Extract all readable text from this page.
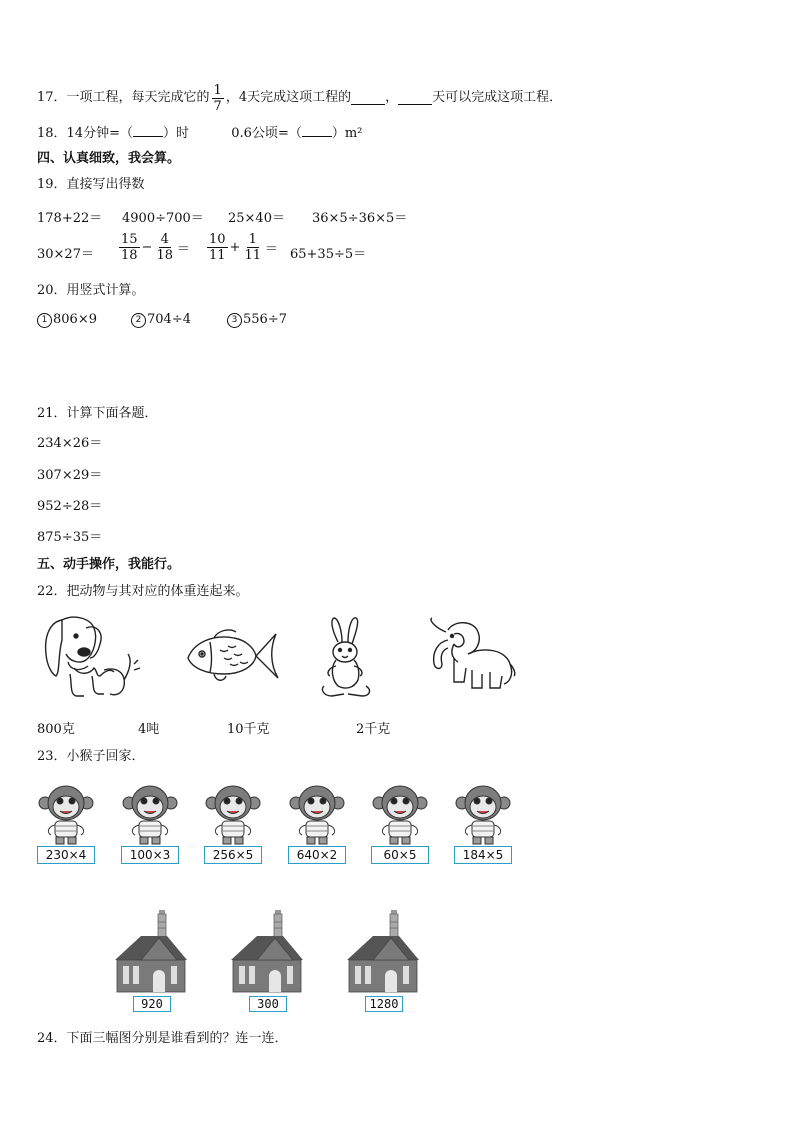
17．一项工程，每天完成它的 $\frac{1}{7}$ ，4天完成这项工程的	，	天可以完成这项工程．
18．14分钟=（ ）时	0.6公顷=（ ）m²
四、认真细致，我会算。
19．直接写出得数
178+22＝ 4900÷700＝ 25×40＝ 36×5÷36×5＝
$30\times 27= \frac{15}{18} - \frac{4}{18} = \frac{10}{11} + \frac{1}{11} = 65+35\div 5=$
20．用竖式计算。
1 806×9	2 704÷4	3 556÷7
21．计算下面各题．
234×26＝
307×29＝
952÷28＝
875÷35＝
五、动手操作，我能行。
22．把动物与其对应的体重连起来。
800克	4吨	10千克	2千克
23．小猴子回家．
230×4	100×3	256×5	640×2	60×5	184×5
920	300	1280
24．下面三幅图分别是谁看到的？连一连．
